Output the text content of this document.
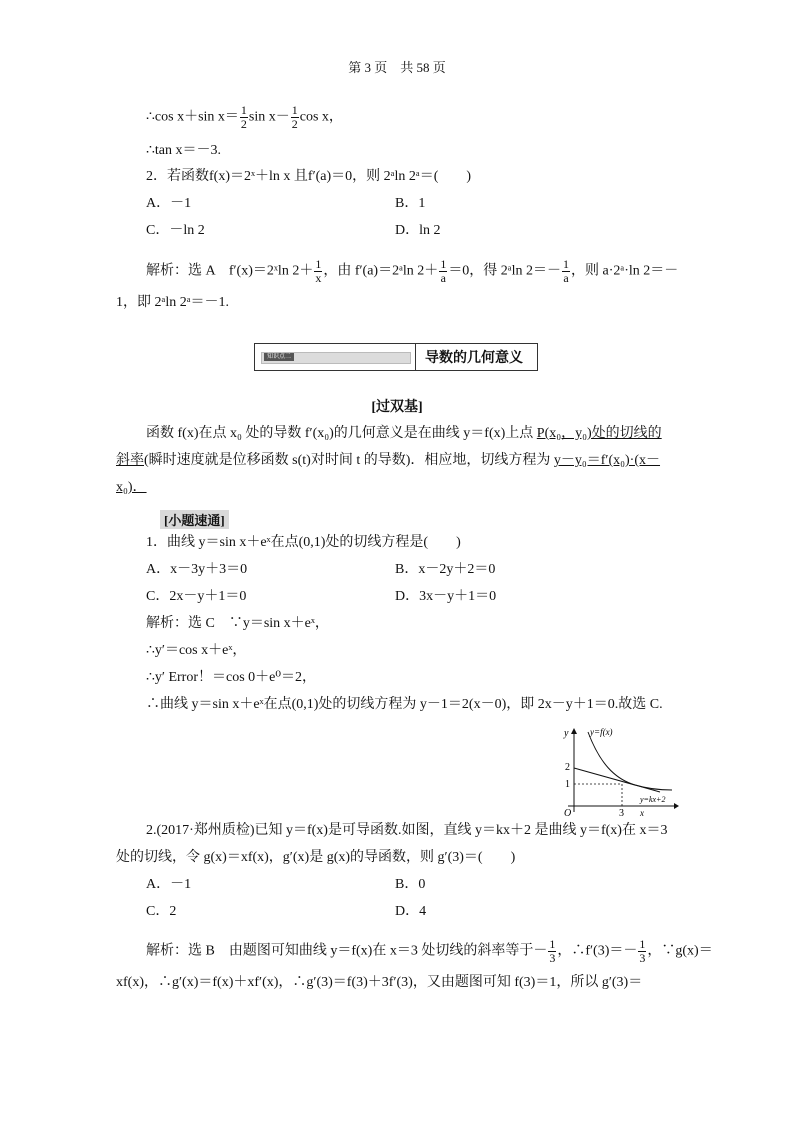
第 3 页　共 58 页
∴cos x＋sin $x= \frac{1}{2}$ $\sin x- \frac{1}{2}$ cos x，
∴tan x＝－3.
2．若函数f(x)＝2ˣ＋ln x 且f′(a)＝0，则 2ᵃln 2ᵃ＝(　　)
A．－1	B．1
C．－ln 2	D．ln 2
解析：选 A　f′(x)＝2ˣln $2+ \frac{1}{x}$ ，由 f′(a)＝2ᵃln $2+ \frac{1}{a} =0$，得 2ᵃln $2=- \frac{1}{a}$ ，则 a·2ᵃ·ln 2＝－
1，即 2ᵃln 2ᵃ＝－1.
知识点二	导数的几何意义
[过双基]
函数 f(x)在点 x₀ 处的导数 f′(x₀)的几何意义是在曲线 y＝f(x)上点 P(x₀，y₀)处的切线的
斜率(瞬时速度就是位移函数 s(t)对时间 t 的导数)．相应地，切线方程为 y－y₀＝f′(x₀)·(x－
x₀)．
[小题速通]
1．曲线 y＝sin x＋eˣ在点(0,1)处的切线方程是(　　)
A．x－3y＋3＝0	B．x－2y＋2＝0
C．2x－y＋1＝0	D．3x－y＋1＝0
解析：选 C　∵y＝sin x＋eˣ，
∴y′＝cos x＋eˣ，
∴y′ Error！＝cos 0＋e⁰＝2，
∴曲线 y＝sin x＋eˣ在点(0,1)处的切线方程为 y－1＝2(x－0)，即 2x－y＋1＝0.故选 C.
y
2
1
O	3 x
y=f(x)
y=kx+2
2.(2017·郑州质检)已知 y＝f(x)是可导函数.如图，直线 y＝kx＋2 是曲线 y＝f(x)在 x＝3
处的切线，令 g(x)＝xf(x)，g′(x)是 g(x)的导函数，则 g′(3)＝(　　)
A．－1	B．0
C．2	D．4
解析：选 B　由题图可知曲线 y＝f(x)在 x＝3 处切线的斜率等于－ $\frac{1}{3}$ ，∴f′(3)＝－ $\frac{1}{3}$ ，∵g(x)＝
xf(x)，∴g′(x)＝f(x)＋xf′(x)，∴g′(3)＝f(3)＋3f′(3)，又由题图可知 f(3)＝1，所以 g′(3)＝
